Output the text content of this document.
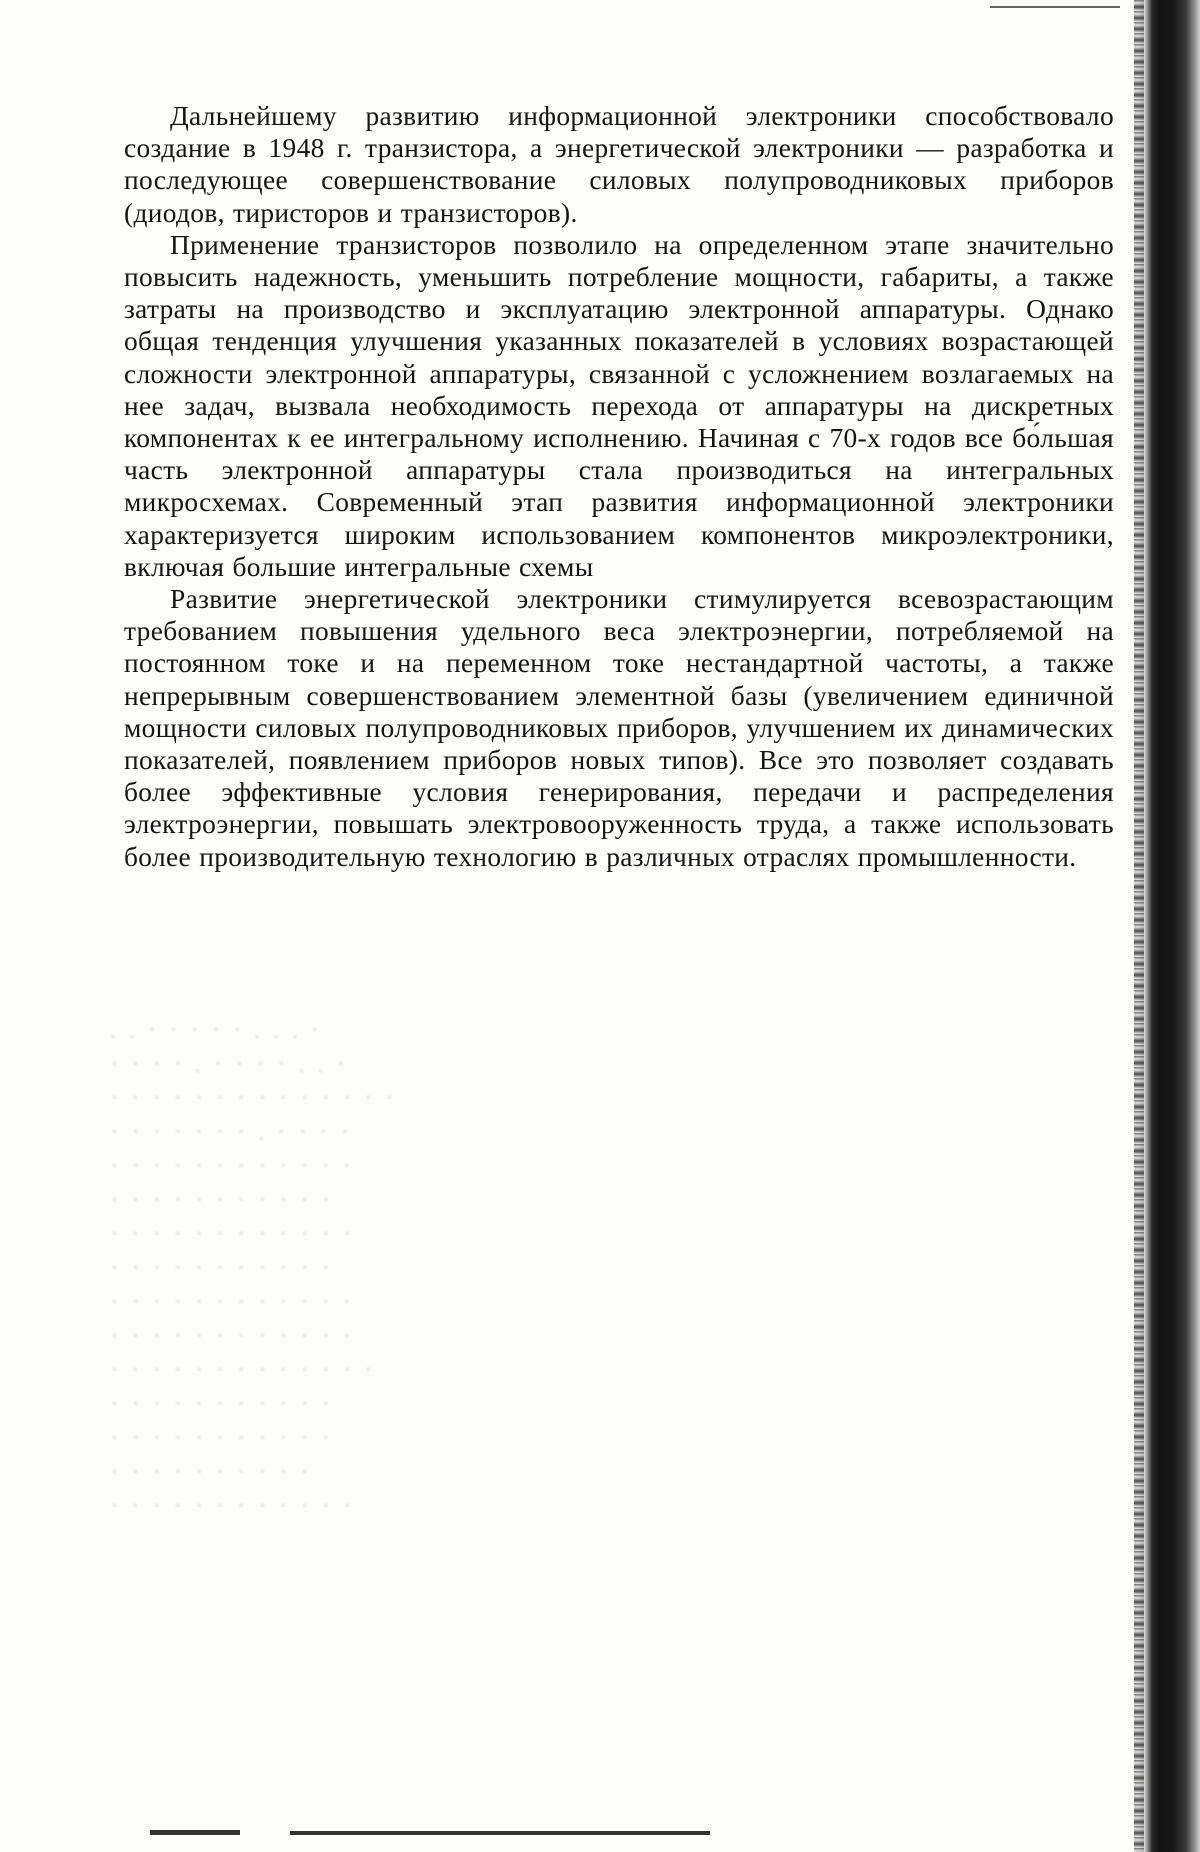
Дальнейшему развитию информационной электроники способствовало создание в 1948 г. транзистора, а энергетической электроники — разработка и последующее совершенствование силовых полупроводниковых приборов (диодов, тиристоров и транзисторов).

Применение транзисторов позволило на определенном этапе значительно повысить надежность, уменьшить потребление мощности, габариты, а также затраты на производство и эксплуатацию электронной аппаратуры. Однако общая тенденция улучшения указанных показателей в условиях возрастающей сложности электронной аппаратуры, связанной с усложнением возлагаемых на нее задач, вызвала необходимость перехода от аппаратуры на дискретных компонентах к ее интегральному исполнению. Начиная с 70-х годов все бо́льшая часть электронной аппаратуры стала производиться на интегральных микросхемах. Современный этап развития информационной электроники характеризуется широким использованием компонентов микроэлектроники, включая большие интегральные схемы

Развитие энергетической электроники стимулируется всевозрастающим требованием повышения удельного веса электроэнергии, потребляемой на постоянном токе и на переменном токе нестандартной частоты, а также непрерывным совершенствованием элементной базы (увеличением единичной мощности силовых полупроводниковых приборов, улучшением их динамических показателей, появлением приборов новых типов). Все это позволяет создавать более эффективные условия генерирования, передачи и распределения электроэнергии, повышать электровооруженность труда, а также использовать более производительную технологию в различных отраслях промышленности.

. . · · · · · . . . ·
· · · · . · · · · . . ·
· · · · · · · · · · · · · ·
· · · · · · · . · · · ·
· · · · · · · · · · · ·
· · · · · · · · · · ·
· · · · · · · · · · · ·
· · · · · · · · · · ·
· · · · · · · · · · · ·
· · · · · · · · · · · ·
· · · · · · · · · · · · ·
· · · · · · · · · · ·
· · · · · · · · · · ·
· · · · · · · · · ·
· · · · · · · · · · · ·
